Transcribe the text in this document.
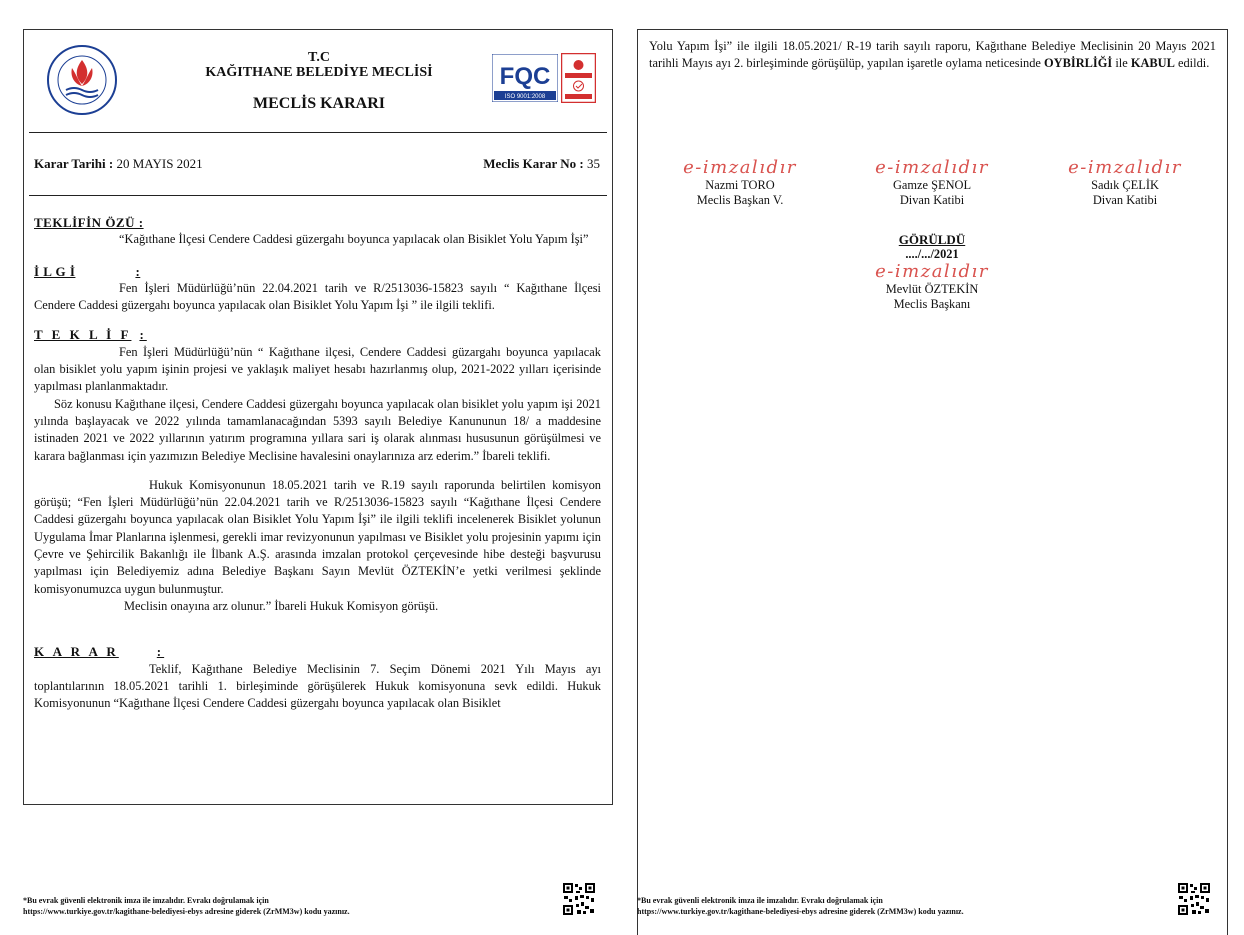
T.C
KAĞITHANE BELEDİYE MECLİSİ
MECLİS KARARI
FQC
ISO 9001:2008
Karar Tarihi : 20 MAYIS 2021	Meclis Karar No : 35
TEKLİFİN ÖZÜ :

“Kağıthane İlçesi Cendere Caddesi güzergahı boyunca yapılacak olan Bisiklet Yolu Yapım İşi”

İ L G İ	:

Fen İşleri Müdürlüğü’nün 22.04.2021 tarih ve R/2513036-15823 sayılı “ Kağıthane İlçesi Cendere Caddesi güzergahı boyunca yapılacak olan Bisiklet Yolu Yapım İşi ” ile ilgili teklifi.

T E K L İ F :

Fen İşleri Müdürlüğü’nün “ Kağıthane ilçesi, Cendere Caddesi güzargahı boyunca yapılacak olan bisiklet yolu yapım işinin projesi ve yaklaşık maliyet hesabı hazırlanmış olup, 2021-2022 yılları içerisinde yapılması planlanmaktadır.

Söz konusu Kağıthane ilçesi, Cendere Caddesi güzergahı boyunca yapılacak olan bisiklet yolu yapım işi 2021 yılında başlayacak ve 2022 yılında tamamlanacağından 5393 sayılı Belediye Kanununun 18/ a maddesine istinaden 2021 ve 2022 yıllarının yatırım programına yıllara sari iş olarak alınması hususunun görüşülmesi ve karara bağlanması için yazımızın Belediye Meclisine havalesini onaylarınıza arz ederim.” İbareli teklifi.

Hukuk Komisyonunun 18.05.2021 tarih ve R.19 sayılı raporunda belirtilen komisyon görüşü; “Fen İşleri Müdürlüğü’nün 22.04.2021 tarih ve R/2513036-15823 sayılı “Kağıthane İlçesi Cendere Caddesi güzergahı boyunca yapılacak olan Bisiklet Yolu Yapım İşi” ile ilgili teklifi incelenerek Bisiklet yolunun Uygulama İmar Planlarına işlenmesi, gerekli imar revizyonunun yapılması ve Bisiklet yolu projesinin yapımı için Çevre ve Şehircilik Bakanlığı ile İlbank A.Ş. arasında imzalan protokol çerçevesinde hibe desteği başvurusu yapılması için Belediyemiz adına Belediye Başkanı Sayın Mevlüt ÖZTEKİN’e yetki verilmesi şeklinde komisyonumuzca uygun bulunmuştur.

Meclisin onayına arz olunur.” İbareli Hukuk Komisyon görüşü.

K A R A R	:

Teklif, Kağıthane Belediye Meclisinin 7. Seçim Dönemi 2021 Yılı Mayıs ayı toplantılarının 18.05.2021 tarihli 1. birleşiminde görüşülerek Hukuk komisyonuna sevk edildi. Hukuk Komisyonunun “Kağıthane İlçesi Cendere Caddesi güzergahı boyunca yapılacak olan Bisiklet

*Bu evrak güvenli elektronik imza ile imzalıdır. Evrakı doğrulamak için
https://www.turkiye.gov.tr/kagithane-belediyesi-ebys adresine giderek (ZrMM3w) kodu yazınız.

Yolu Yapım İşi” ile ilgili 18.05.2021/ R-19 tarih sayılı raporu, Kağıthane Belediye Meclisinin 20 Mayıs 2021 tarihli Mayıs ayı 2. birleşiminde görüşülüp, yapılan işaretle oylama neticesinde OYBİRLİĞİ ile KABUL edildi.

e-imzalıdır
Nazmi TORO
Meclis Başkan V.
e-imzalıdır
Gamze ŞENOL
Divan Katibi
e-imzalıdır
Sadık ÇELİK
Divan Katibi
GÖRÜLDÜ
..../.../2021
e-imzalıdır
Mevlüt ÖZTEKİN
Meclis Başkanı
*Bu evrak güvenli elektronik imza ile imzalıdır. Evrakı doğrulamak için
https://www.turkiye.gov.tr/kagithane-belediyesi-ebys adresine giderek (ZrMM3w) kodu yazınız.
